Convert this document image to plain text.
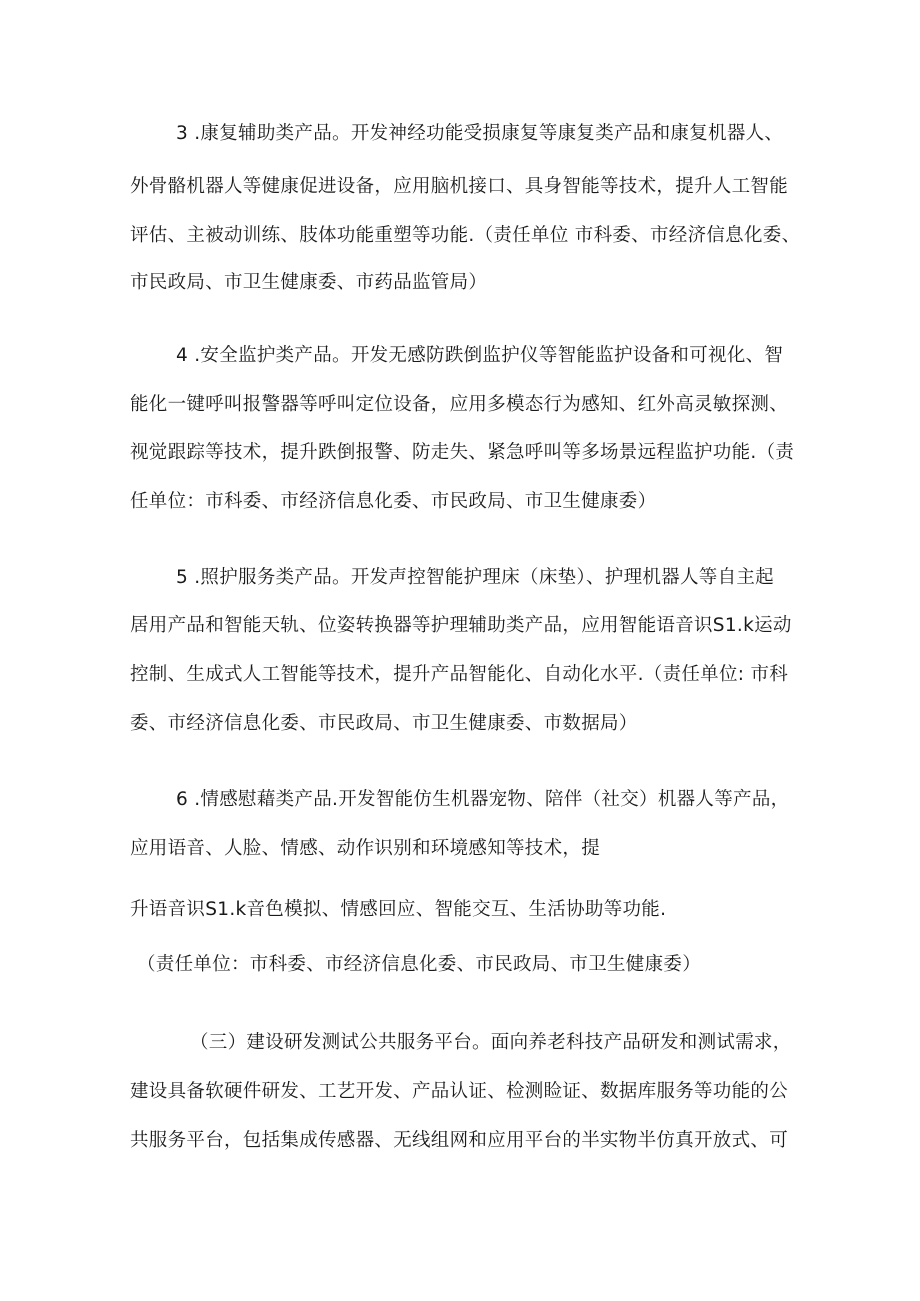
3 .康复辅助类产品。开发神经功能受损康复等康复类产品和康复机器人、
外骨骼机器人等健康促进设备，应用脑机接口、具身智能等技术，提升人工智能
评估、主被动训练、肢体功能重塑等功能.（责任单位 市科委、市经济信息化委、
市民政局、市卫生健康委、市药品监管局）
4 .安全监护类产品。开发无感防跌倒监护仪等智能监护设备和可视化、智
能化一键呼叫报警器等呼叫定位设备，应用多模态行为感知、红外高灵敏探测、
视觉跟踪等技术，提升跌倒报警、防走失、紧急呼叫等多场景远程监护功能.（责
任单位：市科委、市经济信息化委、市民政局、市卫生健康委）
5 .照护服务类产品。开发声控智能护理床（床垫）、护理机器人等自主起
居用产品和智能天轨、位姿转换器等护理辅助类产品，应用智能语音识S1.k运动
控制、生成式人工智能等技术，提升产品智能化、自动化水平.（责任单位: 市科
委、市经济信息化委、市民政局、市卫生健康委、市数据局）
6 .情感慰藉类产品.开发智能仿生机器宠物、陪伴（社交）机器人等产品，
应用语音、人脸、情感、动作识别和环境感知等技术，提
升语音识S1.k音色模拟、情感回应、智能交互、生活协助等功能.
（责任单位：市科委、市经济信息化委、市民政局、市卫生健康委）
（三）建设研发测试公共服务平台。面向养老科技产品研发和测试需求，
建设具备软硬件研发、工艺开发、产品认证、检测睑证、数据库服务等功能的公
共服务平台，包括集成传感器、无线组网和应用平台的半实物半仿真开放式、可
